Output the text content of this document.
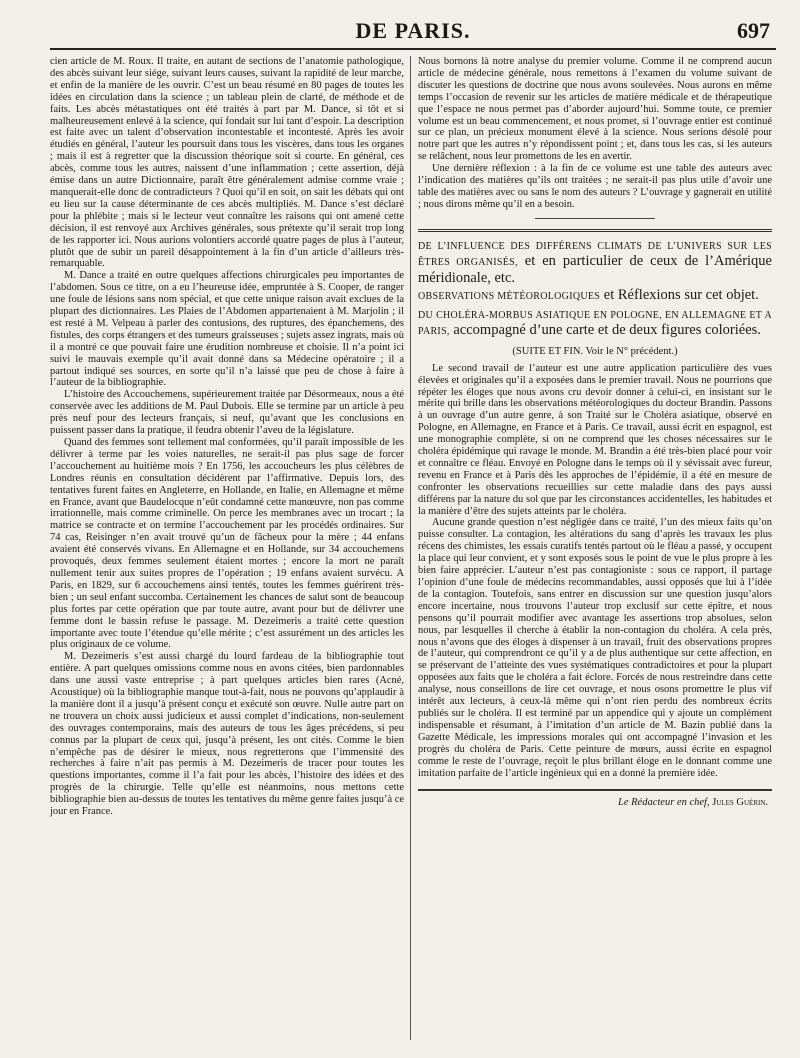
DE PARIS.	697

cien article de M. Roux. Il traite, en autant de sections de l’anatomie pathologique, des abcès suivant leur siége, suivant leurs causes, suivant la rapidité de leur marche, et enfin de la manière de les ouvrir. C’est un beau résumé en 80 pages de toutes les idées en circulation dans la science ; un tableau plein de clarté, de méthode et de faits. Les abcès métastatiques ont été traités à part par M. Dance, si tôt et si malheureusement enlevé à la science, qui fondait sur lui tant d’espoir. La description est faite avec un talent d’observation incontestable et incontesté. Après les avoir étudiés en général, l’auteur les poursuit dans tous les viscères, dans tous les organes ; mais il est à regretter que la discussion théorique soit si courte. En général, ces abcès, comme tous les autres, naissent d’une inflammation ; cette assertion, déjà émise dans un autre Dictionnaire, paraît être généralement admise comme vraie ; manquerait-elle donc de contradicteurs ? Quoi qu’il en soit, on sait les débats qui ont eu lieu sur la cause déterminante de ces abcès multipliés. M. Dance s’est déclaré pour la phlébite ; mais si le lecteur veut connaître les raisons qui ont amené cette décision, il est renvoyé aux Archives générales, sous prétexte qu’il serait trop long de les rapporter ici. Nous aurions volontiers accordé quatre pages de plus à l’auteur, plutôt que de subir un pareil désappointement à la fin d’un article d’ailleurs très-remarquable.

M. Dance a traité en outre quelques affections chirurgicales peu importantes de l’abdomen. Sous ce titre, on a eu l’heureuse idée, empruntée à S. Cooper, de ranger une foule de lésions sans nom spécial, et que cette unique raison avait exclues de la plupart des dictionnaires. Les Plaies de l’Abdomen appartenaient à M. Marjolin ; il est resté à M. Velpeau à parler des contusions, des ruptures, des épanchemens, des fistules, des corps étrangers et des tumeurs graisseuses ; sujets assez ingrats, mais où il a montré ce que pouvait faire une érudition nombreuse et choisie. Il n’a point ici suivi le mauvais exemple qu’il avait donné dans sa Médecine opératoire ; il a partout indiqué ses sources, en sorte qu’il n’a laissé que peu de chose à faire à l’auteur de la bibliographie.

L’histoire des Accouchemens, supérieurement traitée par Désormeaux, nous a été conservée avec les additions de M. Paul Dubois. Elle se termine par un article à peu près neuf pour des lecteurs français, si neuf, qu’avant que les conclusions en puissent passer dans la pratique, il feudra obtenir l’aveu de la législature.

Quand des femmes sont tellement mal conformées, qu’il paraît impossible de les délivrer à terme par les voies naturelles, ne serait-il pas plus sage de forcer l’accouchement au huitième mois ? En 1756, les accoucheurs les plus célèbres de Londres réunis en consultation décidèrent par l’affirmative. Depuis lors, des tentatives furent faites en Angleterre, en Hollande, en Italie, en Allemagne et même en France, avant que Baudelocque n’eût condamné cette manœuvre, non pas comme irrationnelle, mais comme criminelle. On perce les membranes avec un trocart ; la matrice se contracte et on termine l’accouchement par les procédés ordinaires. Sur 74 cas, Reisinger n’en avait trouvé qu’un de fâcheux pour la mère ; 44 enfans avaient été conservés vivans. En Allemagne et en Hollande, sur 34 accouchemens provoqués, deux femmes seulement étaient mortes ; encore la mort ne paraît nullement tenir aux suites propres de l’opération ; 19 enfans avaient survécu. A Paris, en 1829, sur 6 accouchemens ainsi tentés, toutes les femmes guérirent très-bien ; un seul enfant succomba. Certainement les chances de salut sont de beaucoup plus fortes par cette opération que par toute autre, avant pour but de délivrer une femme dont le bassin refuse le passage. M. Dezeimeris a traité cette question importante avec toute l’étendue qu’elle mérite ; c’est assurément un des articles les plus originaux de ce volume.

M. Dezeimeris s’est aussi chargé du lourd fardeau de la bibliographie tout entière. A part quelques omissions comme nous en avons citées, bien pardonnables dans une aussi vaste entreprise ; à part quelques articles bien rares (Acné, Acoustique) où la bibliographie manque tout-à-fait, nous ne pouvons qu’applaudir à la manière dont il a jusqu’à présent conçu et exécuté son œuvre. Nulle autre part on ne trouvera un choix aussi judicieux et aussi complet d’indications, non-seulement des ouvrages contemporains, mais des auteurs de tous les âges précédens, si peu connus par la plupart de ceux qui, jusqu’à présent, les ont cités. Comme le bien n’empêche pas de désirer le mieux, nous regretterons que l’immensité des recherches à faire n’ait pas permis à M. Dezeimeris de tracer pour toutes les questions importantes, comme il l’a fait pour les abcès, l’histoire des idées et des progrès de la chirurgie. Telle qu’elle est néanmoins, nous mettons cette bibliographie bien au-dessus de toutes les tentatives du même genre faites jusqu’à ce jour en France.

Nous bornons là notre analyse du premier volume. Comme il ne comprend aucun article de médecine générale, nous remettons à l’examen du volume suivant de discuter les questions de doctrine que nous avons soulevées. Nous aurons en même temps l’occasion de revenir sur les articles de matière médicale et de thérapeutique que l’espace ne nous permet pas d’aborder aujourd’hui. Somme toute, ce premier volume est un beau commencement, et nous promet, si l’ouvrage entier est continué sur ce plan, un précieux monument élevé à la science. Nous serions désolé pour notre part que les autres n’y répondissent point ; et, dans tous les cas, si les auteurs se relâchent, nous leur promettons de les en avertir.

Une dernière réflexion : à la fin de ce volume est une table des auteurs avec l’indication des matières qu’ils ont traitées ; ne serait-il pas plus utile d’avoir une table des matières avec ou sans le nom des auteurs ? L’ouvrage y gagnerait en utilité ; nous dirons même qu’il en a besoin.

DE L’INFLUENCE DES DIFFÉRENS CLIMATS DE L’UNIVERS SUR LES ÊTRES ORGANISÉS, et en particulier de ceux de l’Amérique méridionale, etc.
OBSERVATIONS MÉTÉOROLOGIQUES et Réflexions sur cet objet.
DU CHOLÉRA-MORBUS ASIATIQUE EN POLOGNE, EN ALLEMAGNE ET A PARIS, accompagné d’une carte et de deux figures coloriées.

(SUITE ET FIN. Voir le N° précédent.)

Le second travail de l’auteur est une autre application particulière des vues élevées et originales qu’il a exposées dans le premier travail. Nous ne pourrions que répéter les éloges que nous avons cru devoir donner à celui-ci, en insistant sur le mérite qui brille dans les observations météorologiques du docteur Brandin. Passons à un ouvrage d’un autre genre, à son Traité sur le Choléra asiatique, observé en Pologne, en Allemagne, en France et à Paris. Ce travail, aussi écrit en espagnol, est une monographie complète, si on ne comprend que les choses nécessaires sur le choléra épidémique qui ravage le monde. M. Brandin a été très-bien placé pour voir et connaître ce fléau. Envoyé en Pologne dans le temps où il y sévissait avec fureur, revenu en France et à Paris dès les approches de l’épidémie, il a été en mesure de confronter les observations recueillies sur cette maladie dans des pays aussi différens par la nature du sol que par les circonstances accidentelles, les habitudes et la manière d’être des sujets atteints par le choléra.

Aucune grande question n’est négligée dans ce traité, l’un des mieux faits qu’on puisse consulter. La contagion, les altérations du sang d’après les travaux les plus récens des chimistes, les essais curatifs tentés partout où le fléau a passé, y occupent la place qui leur convient, et y sont exposés sous le point de vue le plus propre à les bien faire apprécier. L’auteur n’est pas contagioniste : sous ce rapport, il partage l’opinion d’une foule de médecins recommandables, aussi opposés que lui à l’idée de la contagion. Toutefois, sans entrer en discussion sur une question jusqu’alors encore incertaine, nous trouvons l’auteur trop exclusif sur cette épître, et nous pensons qu’il pourrait modifier avec avantage les assertions trop absolues, selon nous, par lesquelles il cherche à établir la non-contagion du choléra. A cela près, nous n’avons que des éloges à dispenser à un travail, fruit des observations propres de l’auteur, qui comprendront ce qu’il y a de plus authentique sur cette affection, en se préservant de l’atteinte des vues systématiques contradictoires et pour la plupart opposées aux faits que le choléra a fait éclore. Forcés de nous restreindre dans cette analyse, nous conseillons de lire cet ouvrage, et nous osons promettre le plus vif intérêt aux lecteurs, à ceux-là même qui n’ont rien perdu des nombreux écrits publiés sur le choléra. Il est terminé par un appendice qui y ajoute un complément indispensable et résumant, à l’imitation d’un article de M. Bazin publié dans la Gazette Médicale, les impressions morales qui ont accompagné l’invasion et les progrès du choléra de Paris. Cette peinture de mœurs, aussi écrite en espagnol comme le reste de l’ouvrage, reçoit le plus brillant éloge en le donnant comme une imitation parfaite de l’article ingénieux qui en a donné la première idée.

Le Rédacteur en chef, Jules Guérin.
